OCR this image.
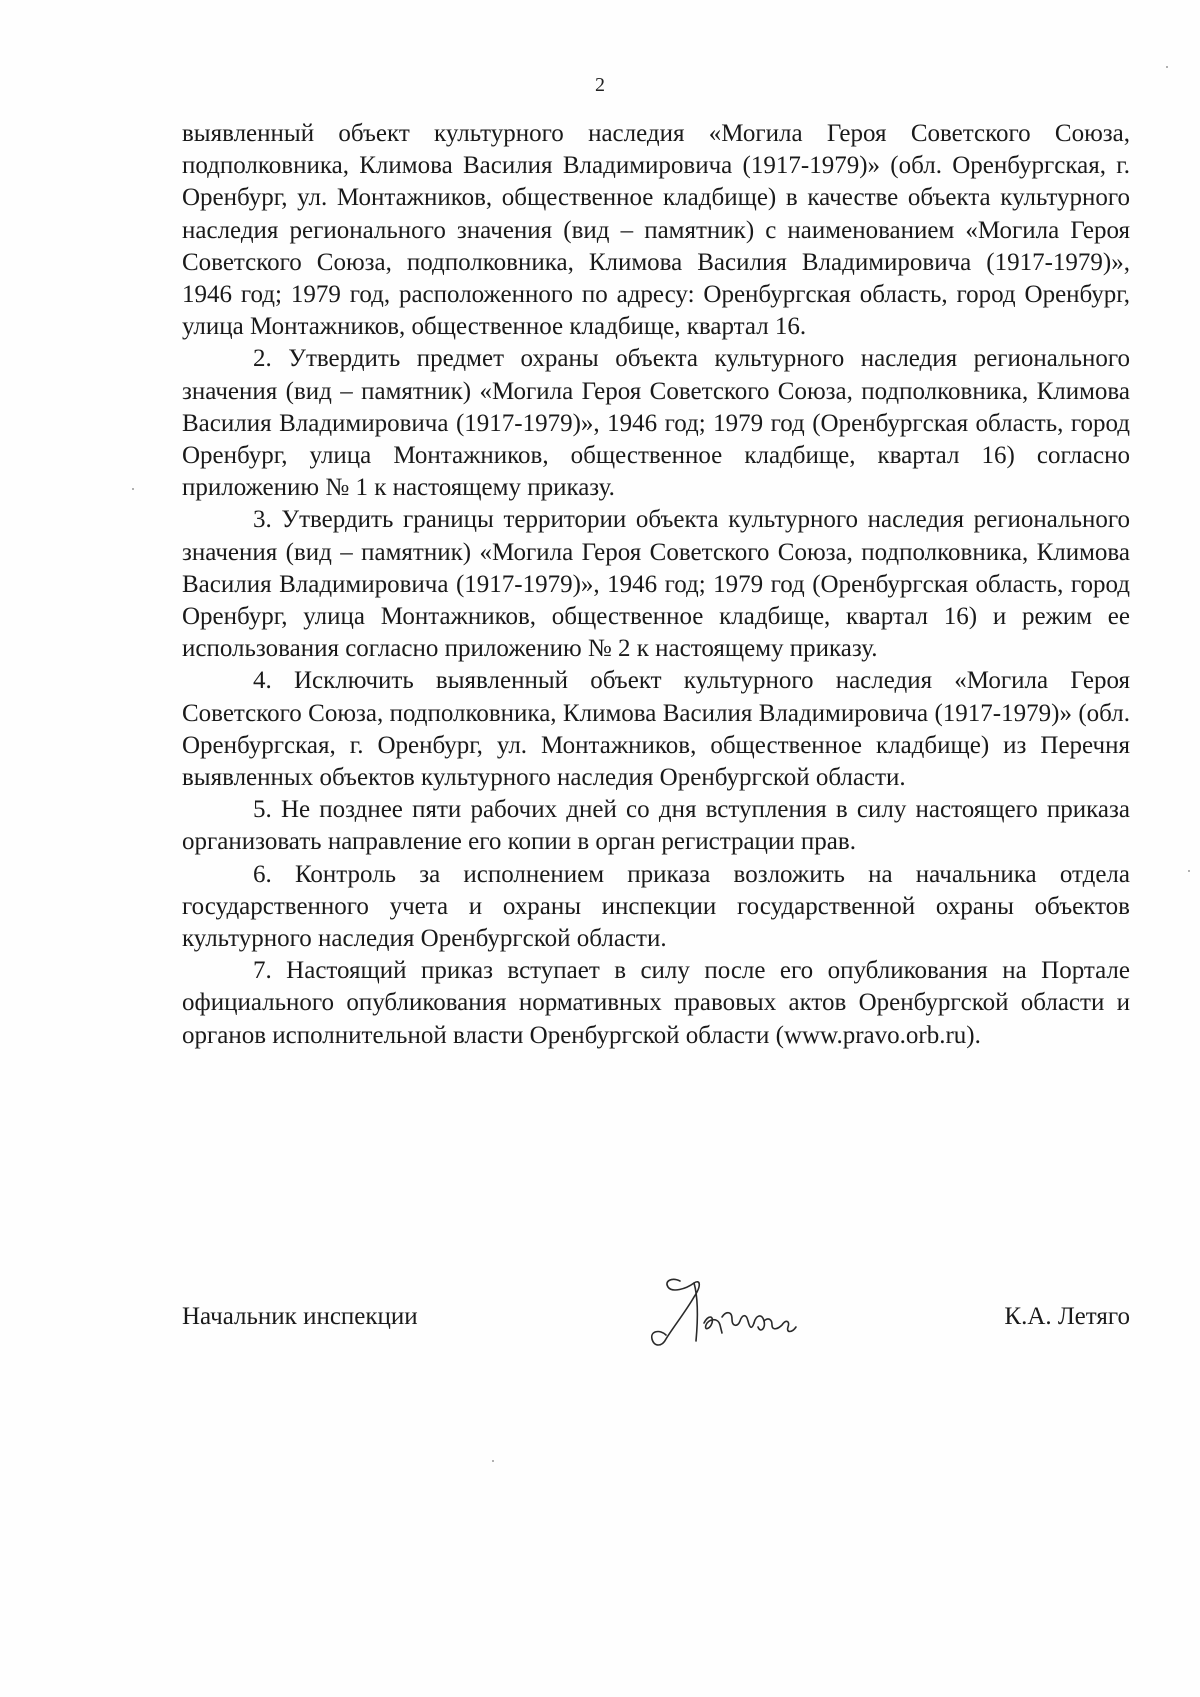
2

выявленный объект культурного наследия «Могила Героя Советского Союза, подполковника, Климова Василия Владимировича (1917-1979)» (обл. Оренбургская, г. Оренбург, ул. Монтажников, общественное кладбище) в качестве объекта культурного наследия регионального значения (вид – памятник) с наименованием «Могила Героя Советского Союза, подполковника, Климова Василия Владимировича (1917-1979)», 1946 год; 1979 год, расположенного по адресу: Оренбургская область, город Оренбург, улица Монтажников, общественное кладбище, квартал 16.

2. Утвердить предмет охраны объекта культурного наследия регионального значения (вид – памятник) «Могила Героя Советского Союза, подполковника, Климова Василия Владимировича (1917-1979)», 1946 год; 1979 год (Оренбургская область, город Оренбург, улица Монтажников, общественное кладбище, квартал 16) согласно приложению № 1 к настоящему приказу.

3. Утвердить границы территории объекта культурного наследия регионального значения (вид – памятник) «Могила Героя Советского Союза, подполковника, Климова Василия Владимировича (1917-1979)», 1946 год; 1979 год (Оренбургская область, город Оренбург, улица Монтажников, общественное кладбище, квартал 16) и режим ее использования согласно приложению № 2 к настоящему приказу.

4. Исключить выявленный объект культурного наследия «Могила Героя Советского Союза, подполковника, Климова Василия Владимировича (1917-1979)» (обл. Оренбургская, г. Оренбург, ул. Монтажников, общественное кладбище) из Перечня выявленных объектов культурного наследия Оренбургской области.

5. Не позднее пяти рабочих дней со дня вступления в силу настоящего приказа организовать направление его копии в орган регистрации прав.

6. Контроль за исполнением приказа возложить на начальника отдела государственного учета и охраны инспекции государственной охраны объектов культурного наследия Оренбургской области.

7. Настоящий приказ вступает в силу после его опубликования на Портале официального опубликования нормативных правовых актов Оренбургской области и органов исполнительной власти Оренбургской области (www.pravo.orb.ru).

Начальник инспекции	К.А. Летяго
